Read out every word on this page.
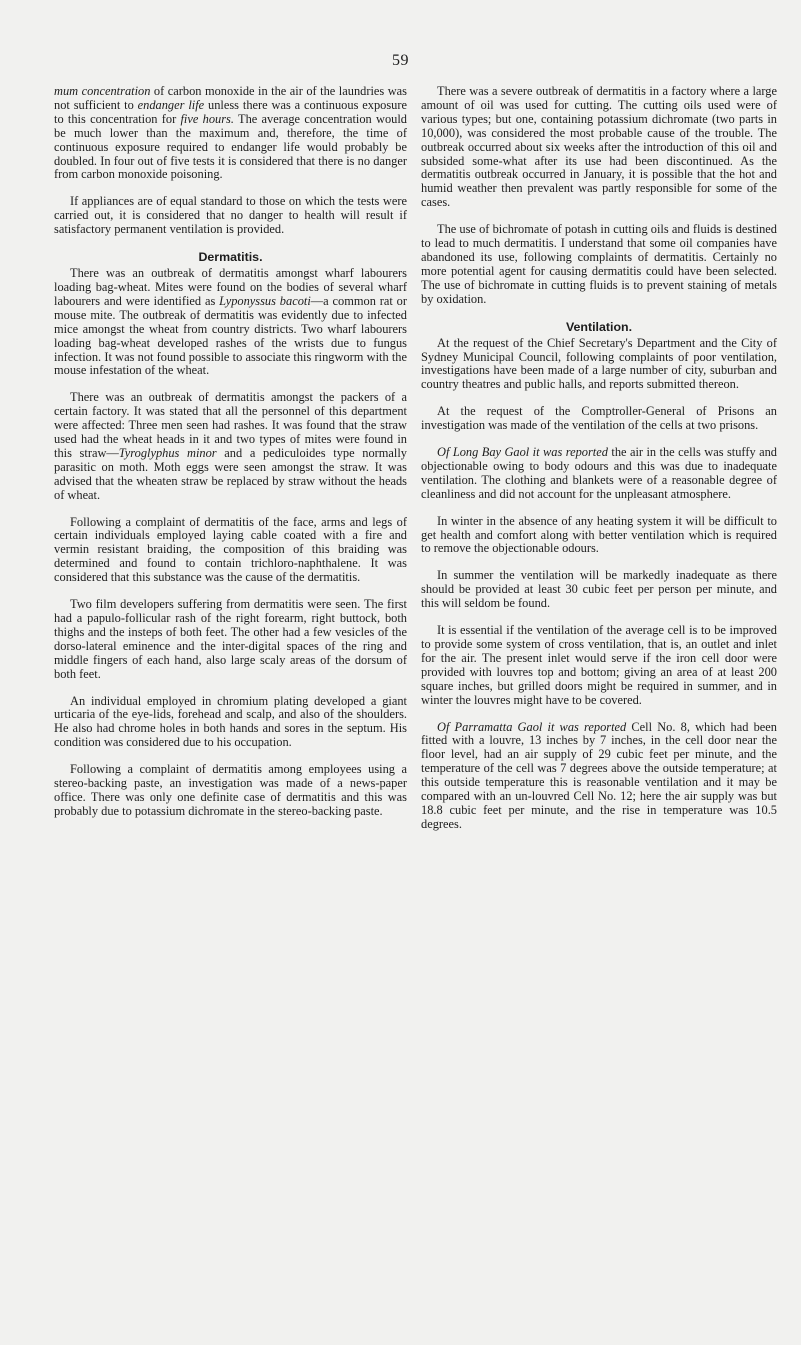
59

mum concentration of carbon monoxide in the air of the laundries was not sufficient to endanger life unless there was a continuous exposure to this concentration for five hours. The average concentration would be much lower than the maximum and, therefore, the time of continuous exposure required to endanger life would probably be doubled. In four out of five tests it is considered that there is no danger from carbon monoxide poisoning.

If appliances are of equal standard to those on which the tests were carried out, it is considered that no danger to health will result if satisfactory permanent ventilation is provided.

Dermatitis.

There was an outbreak of dermatitis amongst wharf labourers loading bag-wheat. Mites were found on the bodies of several wharf labourers and were identified as Lyponyssus bacoti—a common rat or mouse mite. The outbreak of dermatitis was evidently due to infected mice amongst the wheat from country districts. Two wharf labourers loading bag-wheat developed rashes of the wrists due to fungus infection. It was not found possible to associate this ringworm with the mouse infestation of the wheat.

There was an outbreak of dermatitis amongst the packers of a certain factory. It was stated that all the personnel of this department were affected: Three men seen had rashes. It was found that the straw used had the wheat heads in it and two types of mites were found in this straw—Tyroglyphus minor and a pediculoides type normally parasitic on moth. Moth eggs were seen amongst the straw. It was advised that the wheaten straw be replaced by straw without the heads of wheat.

Following a complaint of dermatitis of the face, arms and legs of certain individuals employed laying cable coated with a fire and vermin resistant braiding, the composition of this braiding was determined and found to contain trichloro-naphthalene. It was considered that this substance was the cause of the dermatitis.

Two film developers suffering from dermatitis were seen. The first had a papulo-follicular rash of the right forearm, right buttock, both thighs and the insteps of both feet. The other had a few vesicles of the dorso-lateral eminence and the inter-digital spaces of the ring and middle fingers of each hand, also large scaly areas of the dorsum of both feet.

An individual employed in chromium plating developed a giant urticaria of the eye-lids, forehead and scalp, and also of the shoulders. He also had chrome holes in both hands and sores in the septum. His condition was considered due to his occupation.

Following a complaint of dermatitis among employees using a stereo-backing paste, an investigation was made of a news-paper office. There was only one definite case of dermatitis and this was probably due to potassium dichromate in the stereo-backing paste.

There was a severe outbreak of dermatitis in a factory where a large amount of oil was used for cutting. The cutting oils used were of various types; but one, containing potassium dichromate (two parts in 10,000), was considered the most probable cause of the trouble. The outbreak occurred about six weeks after the introduction of this oil and subsided some-what after its use had been discontinued. As the dermatitis outbreak occurred in January, it is possible that the hot and humid weather then prevalent was partly responsible for some of the cases.

The use of bichromate of potash in cutting oils and fluids is destined to lead to much dermatitis. I understand that some oil companies have abandoned its use, following complaints of dermatitis. Certainly no more potential agent for causing dermatitis could have been selected. The use of bichromate in cutting fluids is to prevent staining of metals by oxidation.

Ventilation.

At the request of the Chief Secretary's Department and the City of Sydney Municipal Council, following complaints of poor ventilation, investigations have been made of a large number of city, suburban and country theatres and public halls, and reports submitted thereon.

At the request of the Comptroller-General of Prisons an investigation was made of the ventilation of the cells at two prisons.

Of Long Bay Gaol it was reported the air in the cells was stuffy and objectionable owing to body odours and this was due to inadequate ventilation. The clothing and blankets were of a reasonable degree of cleanliness and did not account for the unpleasant atmosphere.

In winter in the absence of any heating system it will be difficult to get health and comfort along with better ventilation which is required to remove the objectionable odours.

In summer the ventilation will be markedly inadequate as there should be provided at least 30 cubic feet per person per minute, and this will seldom be found.

It is essential if the ventilation of the average cell is to be improved to provide some system of cross ventilation, that is, an outlet and inlet for the air. The present inlet would serve if the iron cell door were provided with louvres top and bottom; giving an area of at least 200 square inches, but grilled doors might be required in summer, and in winter the louvres might have to be covered.

Of Parramatta Gaol it was reported Cell No. 8, which had been fitted with a louvre, 13 inches by 7 inches, in the cell door near the floor level, had an air supply of 29 cubic feet per minute, and the temperature of the cell was 7 degrees above the outside temperature; at this outside temperature this is reasonable ventilation and it may be compared with an un-louvred Cell No. 12; here the air supply was but 18.8 cubic feet per minute, and the rise in temperature was 10.5 degrees.
